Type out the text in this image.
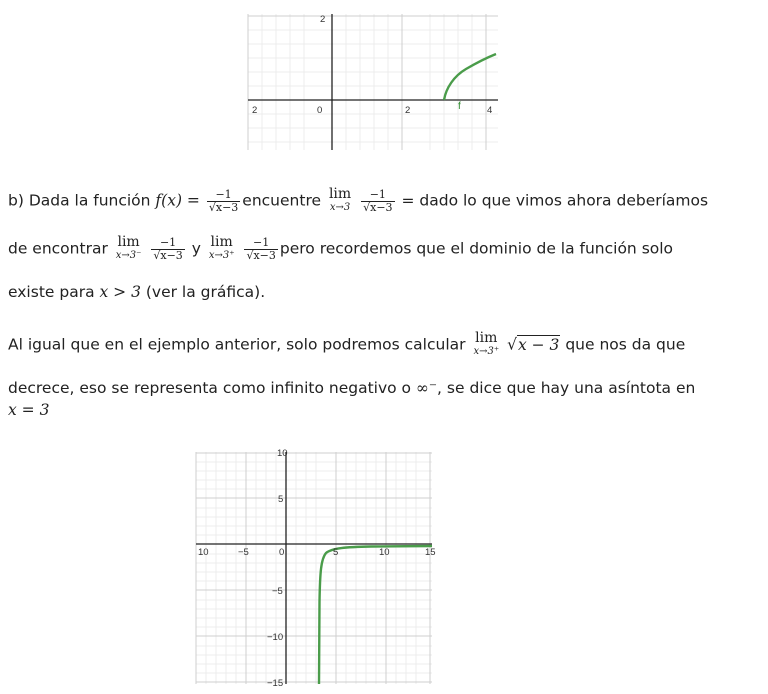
2
2	0	2	4
f
b) Dada la función $f(x) = \frac{-1}{√x-3}$ encuentre lim
x→3
$\frac{-1}{√x-3}$ = dado lo que vimos ahora deberíamos
de encontrar lim
x→3⁻
$\frac{-1}{√x-3}$ y lim
x→3⁺
$\frac{-1}{√x-3}$ pero recordemos que el dominio de la función solo
existe para x > 3 (ver la gráfica).
Al igual que en el ejemplo anterior, solo podremos calcular lim
x→3⁺ √x − 3 que nos da que
decrece, eso se representa como infinito negativo o ∞⁻, se dice que hay una asíntota en
x = 3
10
5
−5
−10
−15
10	−5	0	5	10	15
